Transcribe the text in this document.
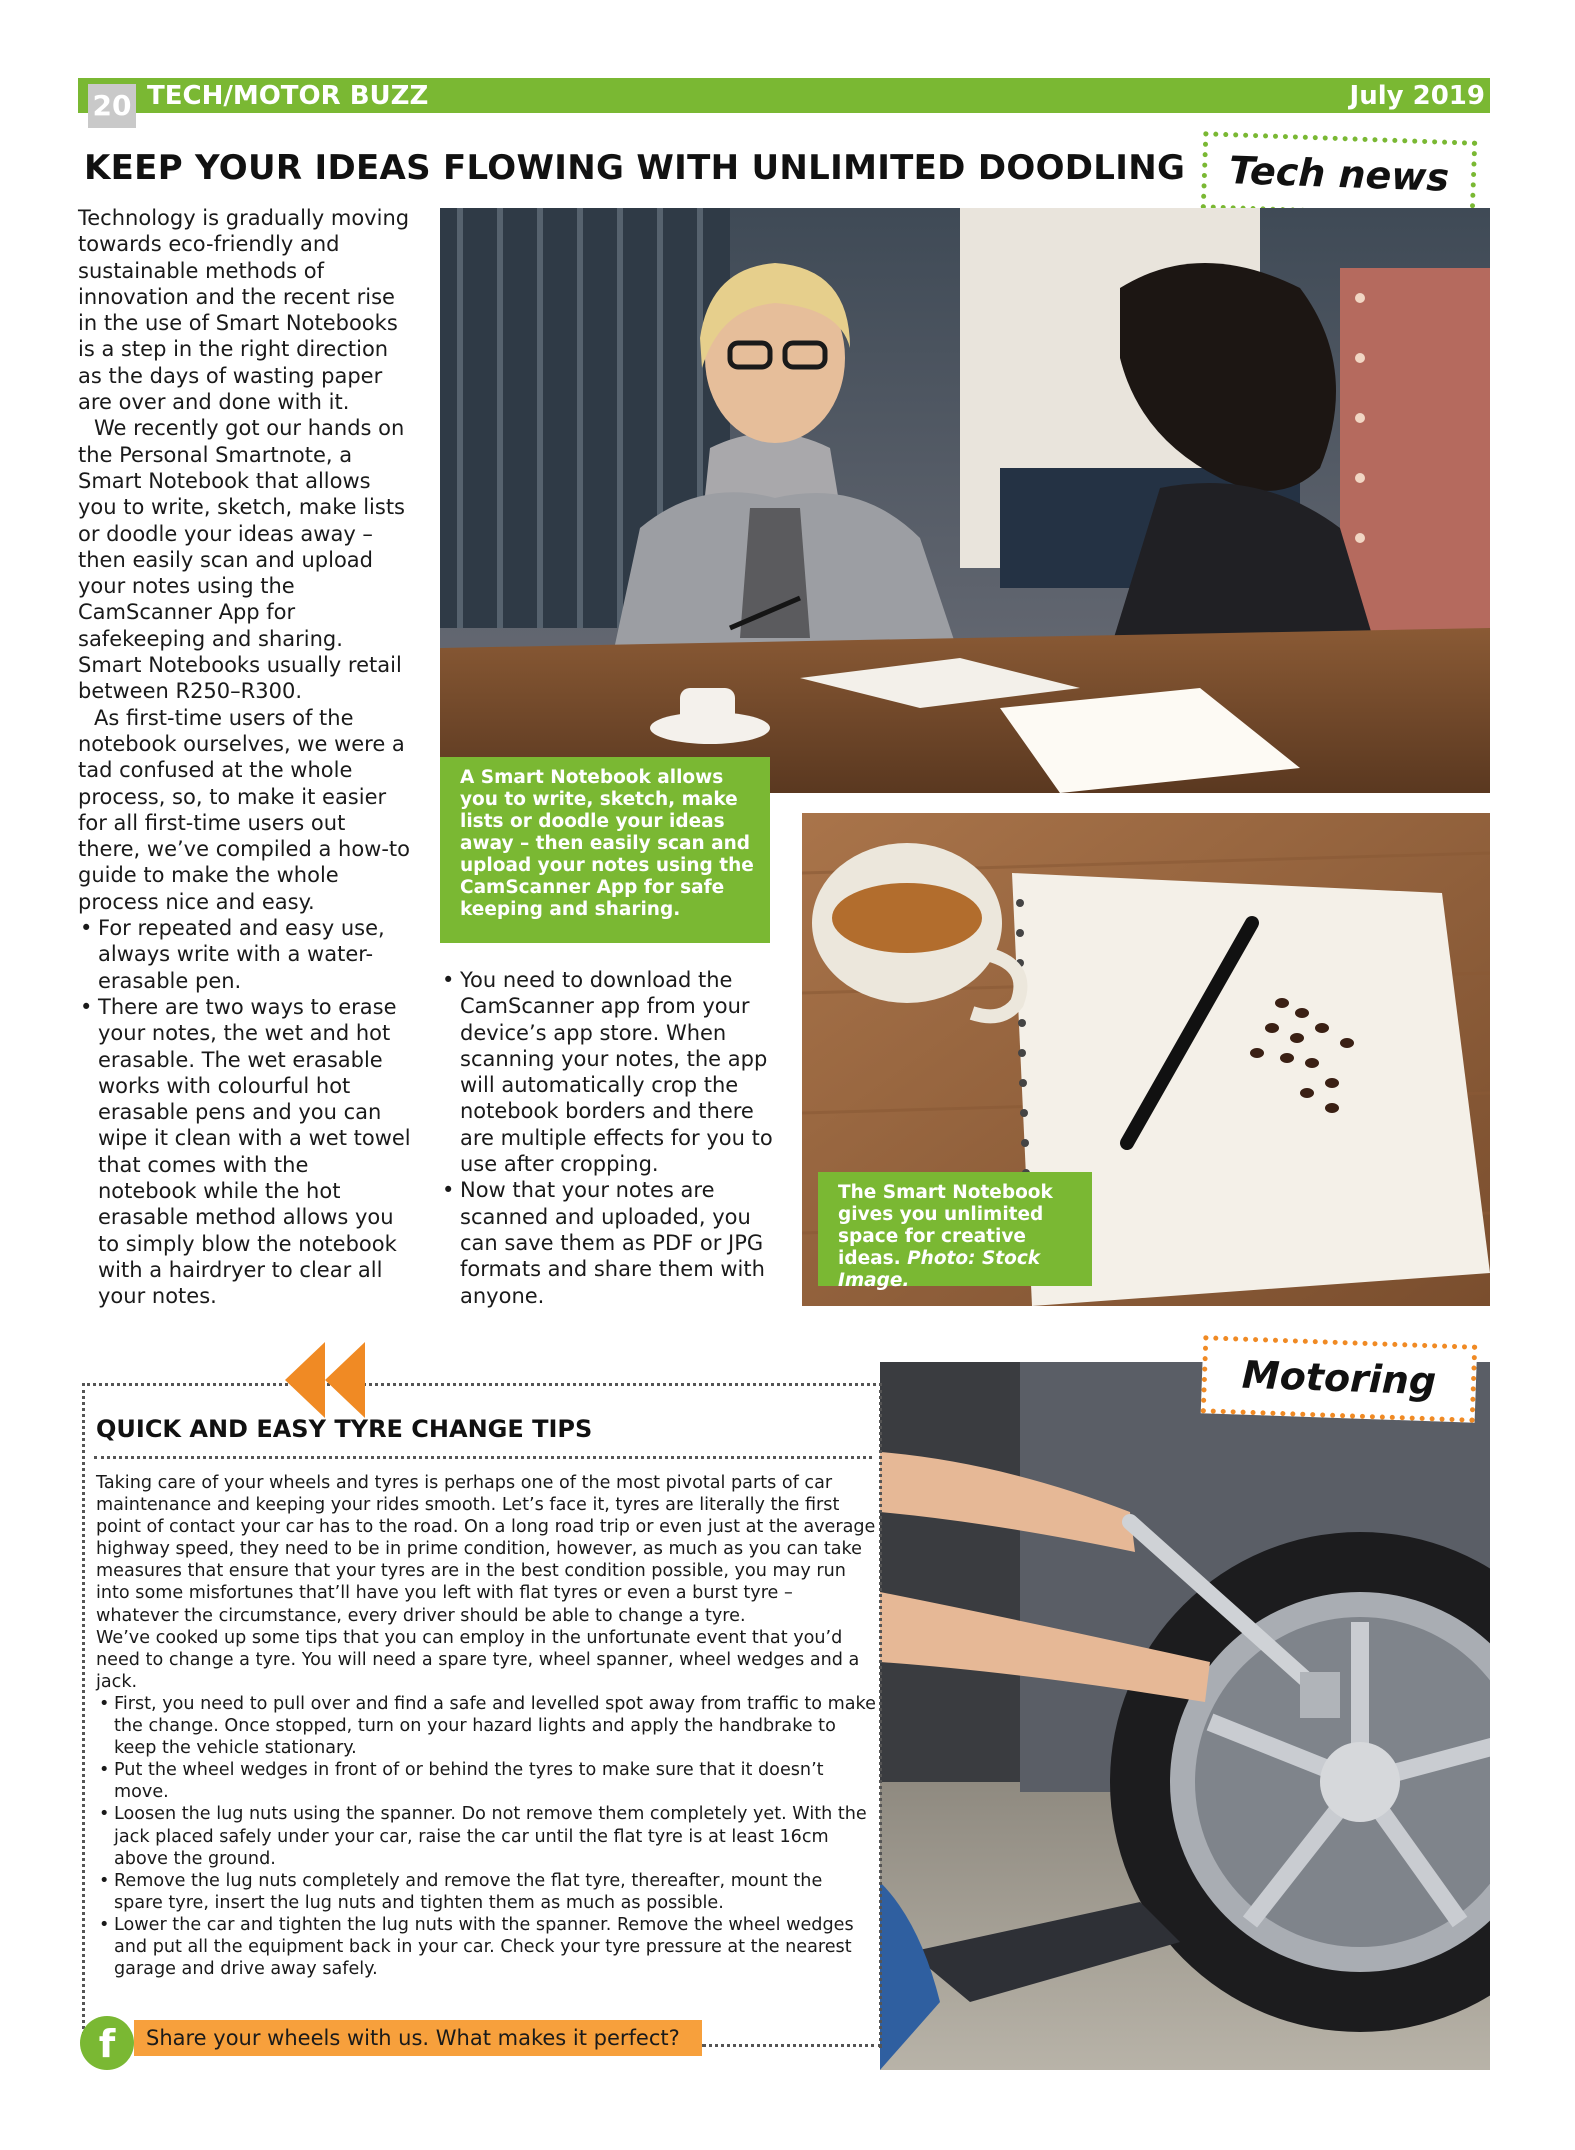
20 TECH/MOTOR BUZZ	July 2019
KEEP YOUR IDEAS FLOWING WITH UNLIMITED DOODLING	Tech news

Technology is gradually moving towards eco-friendly and sustainable methods of innovation and the recent rise in the use of Smart Notebooks is a step in the right direction as the days of wasting paper are over and done with it.

We recently got our hands on the Personal Smartnote, a Smart Notebook that allows you to write, sketch, make lists or doodle your ideas away – then easily scan and upload your notes using the CamScanner App for safekeeping and sharing. Smart Notebooks usually retail between R250–R300.

As first-time users of the notebook ourselves, we were a tad confused at the whole process, so, to make it easier for all first-time users out there, we’ve compiled a how-to guide to make the whole process nice and easy.

• For repeated and easy use, always write with a water-erasable pen.
• There are two ways to erase your notes, the wet and hot erasable. The wet erasable works with colourful hot erasable pens and you can wipe it clean with a wet towel that comes with the notebook while the hot erasable method allows you to simply blow the notebook with a hairdryer to clear all your notes.
A Smart Notebook allows you to write, sketch, make lists or doodle your ideas away – then easily scan and upload your notes using the CamScanner App for safe keeping and sharing.
• You need to download the CamScanner app from your device’s app store. When scanning your notes, the app will automatically crop the notebook borders and there are multiple effects for you to use after cropping.
• Now that your notes are scanned and uploaded, you can save them as PDF or JPG formats and share them with anyone.
The Smart Notebook gives you unlimited space for creative ideas. Photo: Stock Image.
Motoring
QUICK AND EASY TYRE CHANGE TIPS

Taking care of your wheels and tyres is perhaps one of the most pivotal parts of car maintenance and keeping your rides smooth. Let’s face it, tyres are literally the first point of contact your car has to the road. On a long road trip or even just at the average highway speed, they need to be in prime condition, however, as much as you can take measures that ensure that your tyres are in the best condition possible, you may run into some misfortunes that’ll have you left with flat tyres or even a burst tyre – whatever the circumstance, every driver should be able to change a tyre.

We’ve cooked up some tips that you can employ in the unfortunate event that you’d need to change a tyre. You will need a spare tyre, wheel spanner, wheel wedges and a jack.

• First, you need to pull over and find a safe and levelled spot away from traffic to make the change. Once stopped, turn on your hazard lights and apply the handbrake to keep the vehicle stationary.
• Put the wheel wedges in front of or behind the tyres to make sure that it doesn’t move.
• Loosen the lug nuts using the spanner. Do not remove them completely yet. With the jack placed safely under your car, raise the car until the flat tyre is at least 16cm above the ground.
• Remove the lug nuts completely and remove the flat tyre, thereafter, mount the spare tyre, insert the lug nuts and tighten them as much as possible.
• Lower the car and tighten the lug nuts with the spanner. Remove the wheel wedges and put all the equipment back in your car. Check your tyre pressure at the nearest garage and drive away safely.
f	Share your wheels with us. What makes it perfect?
